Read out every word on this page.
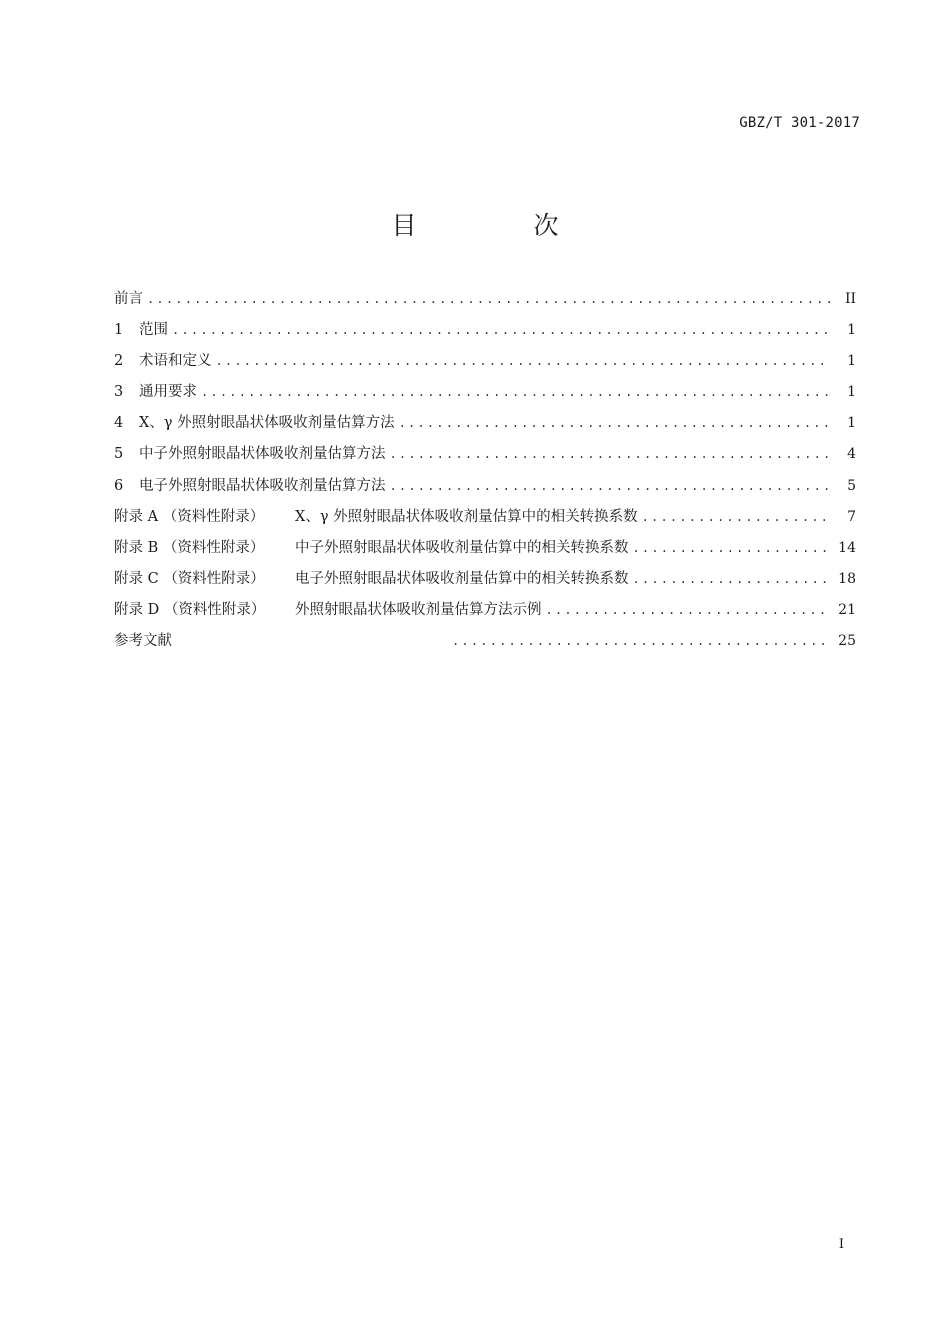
GBZ/T 301-2017
目　次
前言 .....	II
1	范围 .....	1
2	术语和定义 .....	1
3	通用要求 .....	1
4	X、γ 外照射眼晶状体吸收剂量估算方法 .....	1
5	中子外照射眼晶状体吸收剂量估算方法 .....	4
6	电子外照射眼晶状体吸收剂量估算方法 .....	5
附录 A （资料性附录）	X、γ 外照射眼晶状体吸收剂量估算中的相关转换系数 .....	7
附录 B （资料性附录）	中子外照射眼晶状体吸收剂量估算中的相关转换系数 .....	14
附录 C （资料性附录）	电子外照射眼晶状体吸收剂量估算中的相关转换系数 .....	18
附录 D （资料性附录）	外照射眼晶状体吸收剂量估算方法示例 .....	21
参考文献 .....	25
I
